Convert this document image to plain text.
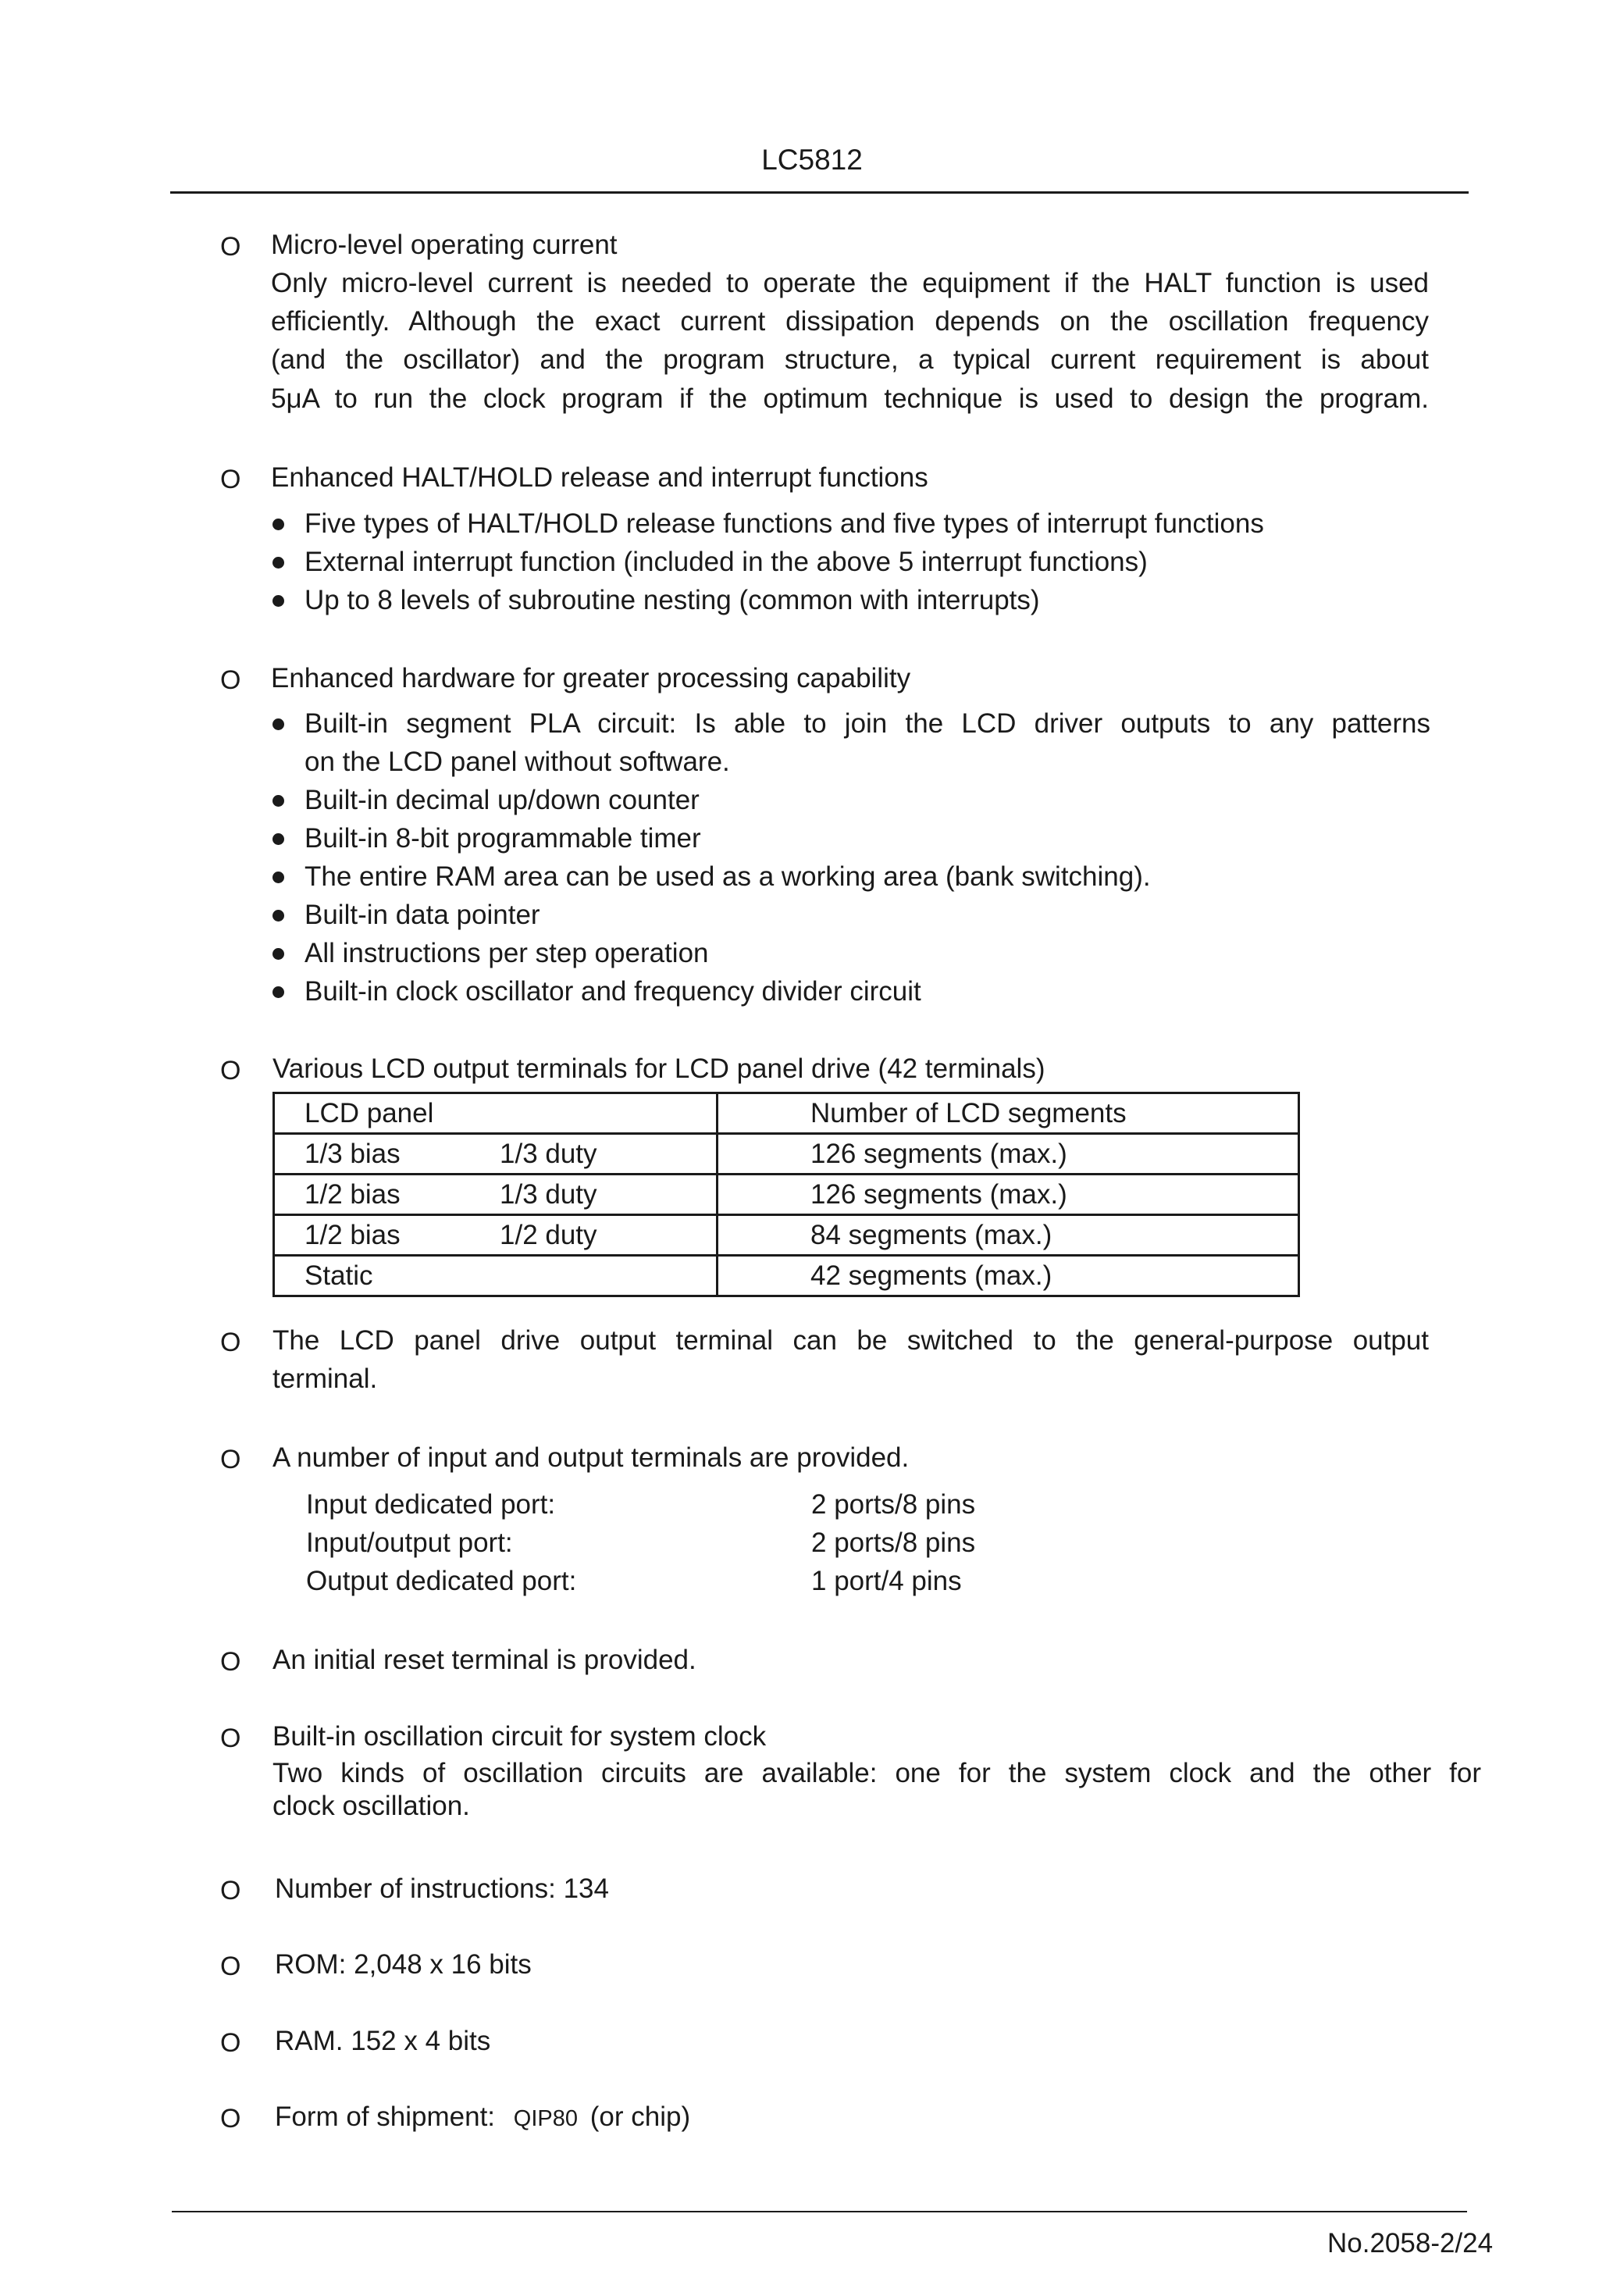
LC5812
O Micro-level operating current
Only micro-level current is needed to operate the equipment if the HALT function is used
efficiently. Although the exact current dissipation depends on the oscillation frequency
(and the oscillator) and the program structure, a typical current requirement is about
5μA to run the clock program if the optimum technique is used to design the program.
O Enhanced HALT/HOLD release and interrupt functions
Five types of HALT/HOLD release functions and five types of interrupt functions
External interrupt function (included in the above 5 interrupt functions)
Up to 8 levels of subroutine nesting (common with interrupts)
O Enhanced hardware for greater processing capability
Built-in segment PLA circuit: Is able to join the LCD driver outputs to any patterns
on the LCD panel without software.
Built-in decimal up/down counter
Built-in 8-bit programmable timer
The entire RAM area can be used as a working area (bank switching).
Built-in data pointer
All instructions per step operation
Built-in clock oscillator and frequency divider circuit
O Various LCD output terminals for LCD panel drive (42 terminals)
LCD panel	Number of LCD segments
1/3 bias 1/3 duty	126 segments (max.)
1/2 bias 1/3 duty	126 segments (max.)
1/2 bias 1/2 duty	84 segments (max.)
Static	42 segments (max.)
O The LCD panel drive output terminal can be switched to the general-purpose output
terminal.
O A number of input and output terminals are provided.
Input dedicated port:	2 ports/8 pins
Input/output port:	2 ports/8 pins
Output dedicated port:	1 port/4 pins
O An initial reset terminal is provided.
O Built-in oscillation circuit for system clock
Two kinds of oscillation circuits are available: one for the system clock and the other for
clock oscillation.
O Number of instructions: 134
O ROM: 2,048 x 16 bits
O RAM. 152 x 4 bits
O Form of shipment: QIP80 (or chip)
No.2058-2/24
